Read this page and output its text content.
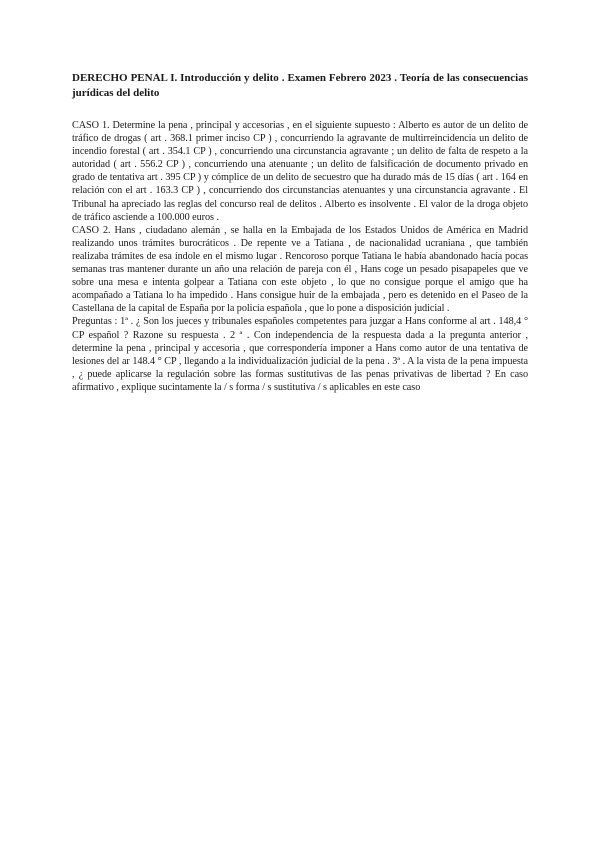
DERECHO PENAL I. Introducción y delito . Examen Febrero 2023 . Teoría de las consecuencias jurídicas del delito

CASO 1. Determine la pena , principal y accesorias , en el siguiente supuesto : Alberto es autor de un delito de tráfico de drogas ( art . 368.1 primer inciso CP ) , concurriendo la agravante de multirreincidencia un delito de incendio forestal ( art . 354.1 CP ) , concurriendo una circunstancia agravante ; un delito de falta de respeto a la autoridad ( art . 556.2 CP ) , concurriendo una atenuante ; un delito de falsificación de documento privado en grado de tentativa art . 395 CP ) y cómplice de un delito de secuestro que ha durado más de 15 días ( art . 164 en relación con el art . 163.3 CP ) , concurriendo dos circunstancias atenuantes y una circunstancia agravante . El Tribunal ha apreciado las reglas del concurso real de delitos . Alberto es insolvente . El valor de la droga objeto de tráfico asciende a 100.000 euros .

CASO 2. Hans , ciudadano alemán , se halla en la Embajada de los Estados Unidos de América en Madrid realizando unos trámites burocráticos . De repente ve a Tatiana , de nacionalidad ucraniana , que también realizaba trámites de esa índole en el mismo lugar . Rencoroso porque Tatiana le había abandonado hacía pocas semanas tras mantener durante un año una relación de pareja con él , Hans coge un pesado pisapapeles que ve sobre una mesa e intenta golpear a Tatiana con este objeto , lo que no consigue porque el amigo que ha acompañado a Tatiana lo ha impedido . Hans consigue huir de la embajada , pero es detenido en el Paseo de la Castellana de la capital de España por la policía española , que lo pone a disposición judicial .

Preguntas : 1ª . ¿ Son los jueces y tribunales españoles competentes para juzgar a Hans conforme al art . 148,4 ° CP español ? Razone su respuesta . 2 ª . Con independencia de la respuesta dada a la pregunta anterior , determine la pena , principal y accesoria , que correspondería imponer a Hans como autor de una tentativa de lesiones del ar 148.4 ° CP , llegando a la individualización judicial de la pena . 3ª . A la vista de la pena impuesta , ¿ puede aplicarse la regulación sobre las formas sustitutivas de las penas privativas de libertad ? En caso afirmativo , explique sucintamente la / s forma / s sustitutiva / s aplicables en este caso
